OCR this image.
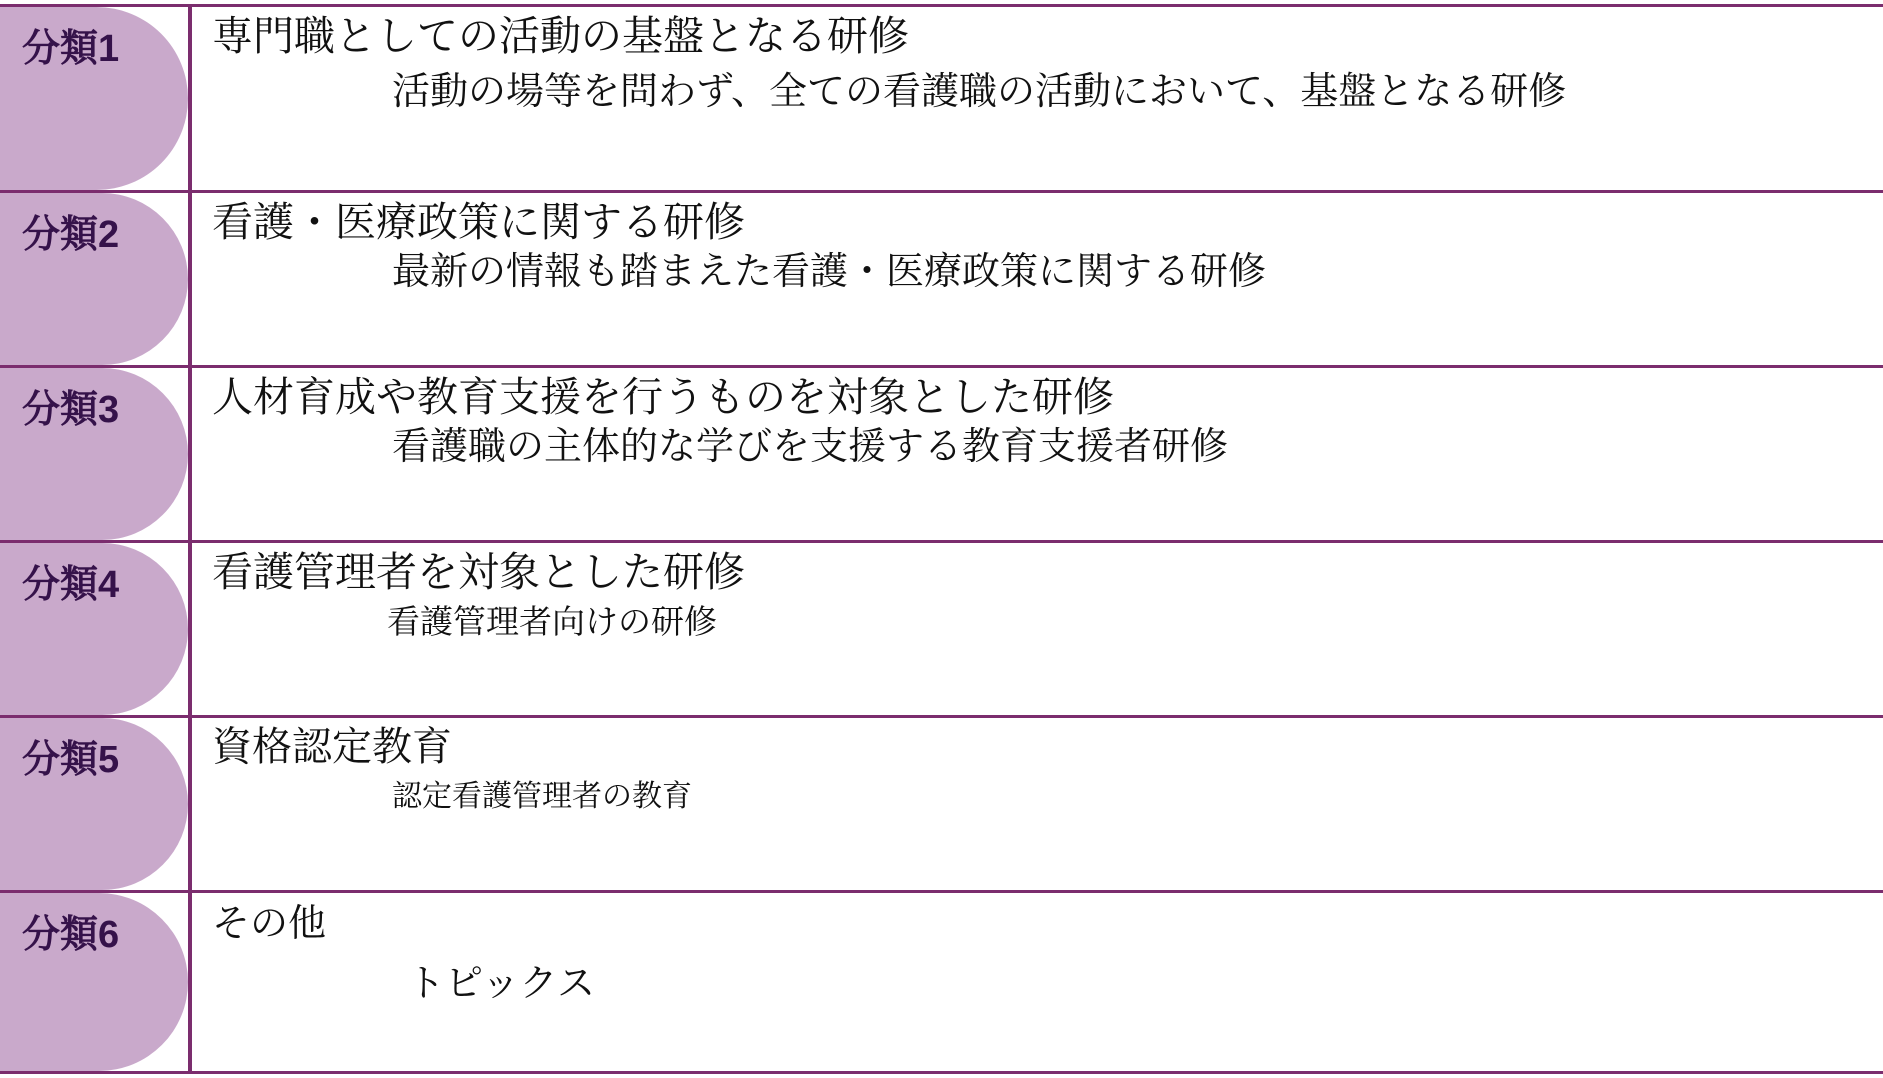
分類1 専門職としての活動の基盤となる研修
活動の場等を問わず、全ての看護職の活動において、基盤となる研修
分類2 看護・医療政策に関する研修
最新の情報も踏まえた看護・医療政策に関する研修
分類3 人材育成や教育支援を行うものを対象とした研修
看護職の主体的な学びを支援する教育支援者研修
分類4 看護管理者を対象とした研修
看護管理者向けの研修
分類5 資格認定教育
認定看護管理者の教育
分類6 その他
トピックス
